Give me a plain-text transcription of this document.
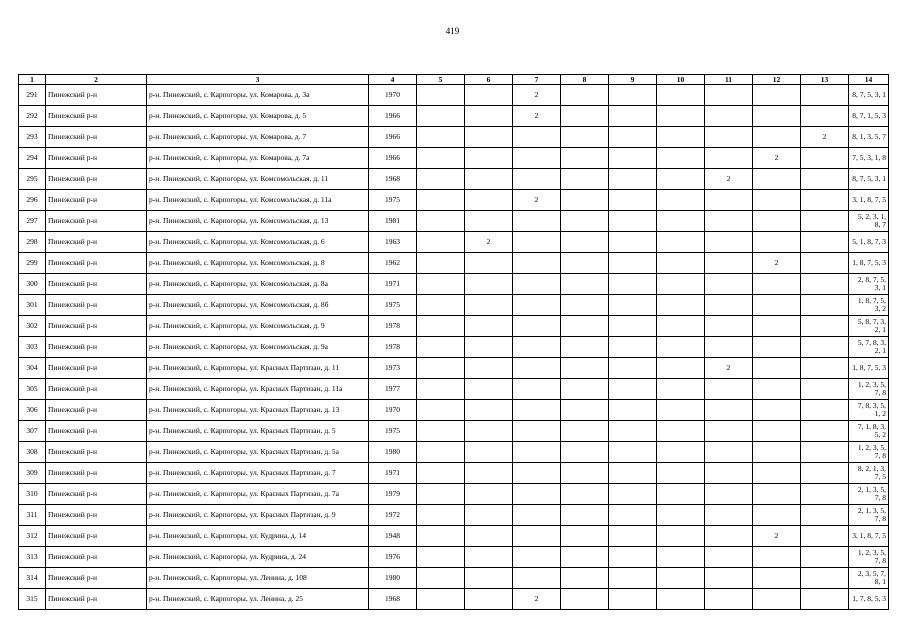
419
1	2	3	4	5	6	7	8	9	10	11	12	13	14
291	Пинежский р-н	р-н. Пинежский, с. Карпогоры, ул. Комарова, д. 3а	1970			2							8, 7, 5, 3, 1
292	Пинежский р-н	р-н. Пинежский, с. Карпогоры, ул. Комарова, д. 5	1966			2							8, 7, 1, 5, 3
293	Пинежский р-н	р-н. Пинежский, с. Карпогоры, ул. Комарова, д. 7	1966									2	8, 1, 3, 5, 7
294	Пинежский р-н	р-н. Пинежский, с. Карпогоры, ул. Комарова, д. 7а	1966								2		7, 5, 3, 1, 8
295	Пинежский р-н	р-н. Пинежский, с. Карпогоры, ул. Комсомольская, д. 11	1968							2			8, 7, 5, 3, 1
296	Пинежский р-н	р-н. Пинежский, с. Карпогоры, ул. Комсомольская, д. 11а	1975			2							3, 1, 8, 7, 5
297	Пинежский р-н	р-н. Пинежский, с. Карпогоры, ул. Комсомольская, д. 13	1981										5, 2, 3, 1, 8, 7
298	Пинежский р-н	р-н. Пинежский, с. Карпогоры, ул. Комсомольская, д. 6	1963		2								5, 1, 8, 7, 3
299	Пинежский р-н	р-н. Пинежский, с. Карпогоры, ул. Комсомольская, д. 8	1962								2		1, 8, 7, 5, 3
300	Пинежский р-н	р-н. Пинежский, с. Карпогоры, ул. Комсомольская, д. 8а	1971										2, 8, 7, 5, 3, 1
301	Пинежский р-н	р-н. Пинежский, с. Карпогоры, ул. Комсомольская, д. 8б	1975										1, 8, 7, 5, 3, 2
302	Пинежский р-н	р-н. Пинежский, с. Карпогоры, ул. Комсомольская, д. 9	1978										5, 8, 7, 3, 2, 1
303	Пинежский р-н	р-н. Пинежский, с. Карпогоры, ул. Комсомольская, д. 9а	1978										5, 7, 8, 3, 2, 1
304	Пинежский р-н	р-н. Пинежский, с. Карпогоры, ул. Красных Партизан, д. 11	1973							2			1, 8, 7, 5, 3
305	Пинежский р-н	р-н. Пинежский, с. Карпогоры, ул. Красных Партизан, д. 11а	1977										1, 2, 3, 5, 7, 8
306	Пинежский р-н	р-н. Пинежский, с. Карпогоры, ул. Красных Партизан, д. 13	1970										7, 8, 3, 5, 1, 2
307	Пинежский р-н	р-н. Пинежский, с. Карпогоры, ул. Красных Партизан, д. 5	1975										7, 1, 8, 3, 5, 2
308	Пинежский р-н	р-н. Пинежский, с. Карпогоры, ул. Красных Партизан, д. 5а	1980										1, 2, 3, 5, 7, 8
309	Пинежский р-н	р-н. Пинежский, с. Карпогоры, ул. Красных Партизан, д. 7	1971										8, 2, 1, 3, 7, 5
310	Пинежский р-н	р-н. Пинежский, с. Карпогоры, ул. Красных Партизан, д. 7а	1979										2, 1, 3, 5, 7, 8
311	Пинежский р-н	р-н. Пинежский, с. Карпогоры, ул. Красных Партизан, д. 9	1972										2, 1, 3, 5, 7, 8
312	Пинежский р-н	р-н. Пинежский, с. Карпогоры, ул. Кудрина, д. 14	1948								2		3, 1, 8, 7, 5
313	Пинежский р-н	р-н. Пинежский, с. Карпогоры, ул. Кудрина, д. 24	1976										1, 2, 3, 5, 7, 8
314	Пинежский р-н	р-н. Пинежский, с. Карпогоры, ул. Ленина, д. 108	1980										2, 3, 5, 7, 8, 1
315	Пинежский р-н	р-н. Пинежский, с. Карпогоры, ул. Ленина, д. 25	1968			2							1, 7, 8, 5, 3
